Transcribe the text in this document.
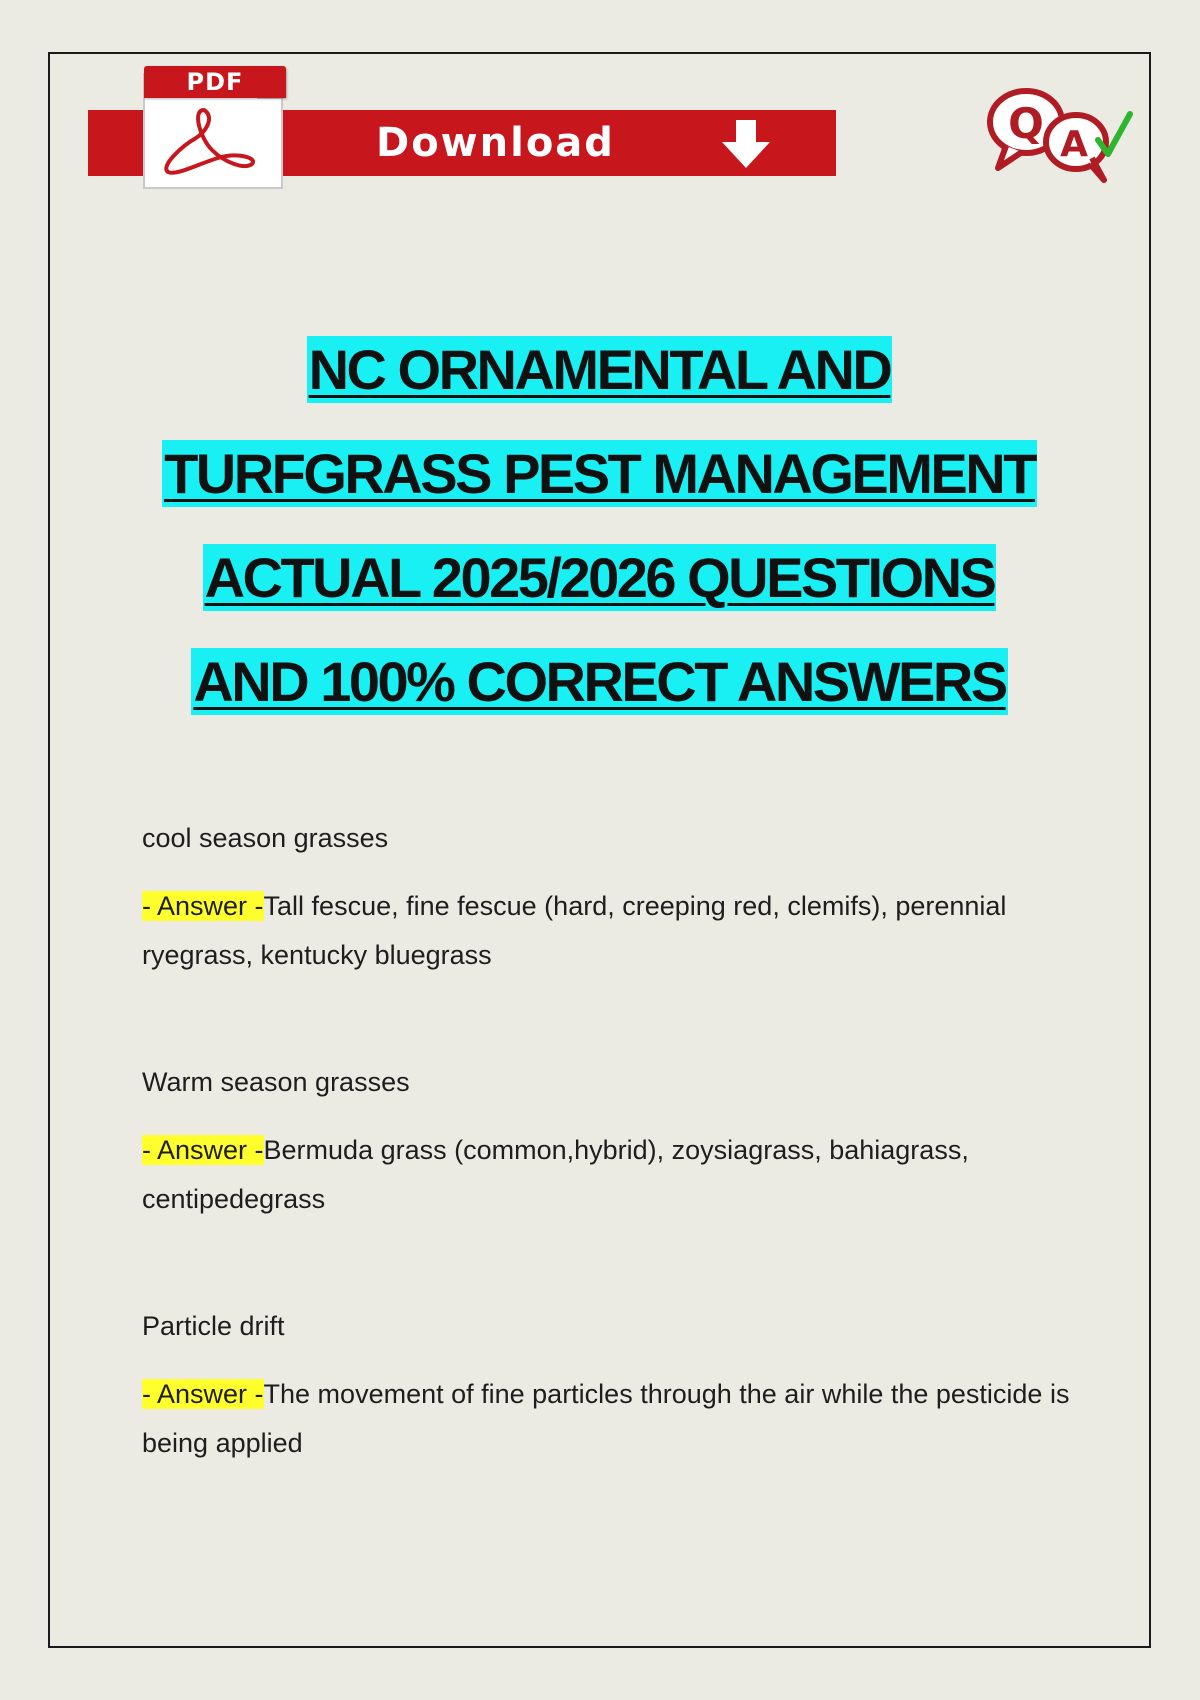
Download
PDF
Q A
NC ORNAMENTAL AND
TURFGRASS PEST MANAGEMENT
ACTUAL 2025/2026 QUESTIONS
AND 100% CORRECT ANSWERS

cool season grasses

- Answer -Tall fescue, fine fescue (hard, creeping red, clemifs), perennial ryegrass, kentucky bluegrass

Warm season grasses

- Answer -Bermuda grass (common,hybrid), zoysiagrass, bahiagrass, centipedegrass

Particle drift

- Answer -The movement of fine particles through the air while the pesticide is being applied
